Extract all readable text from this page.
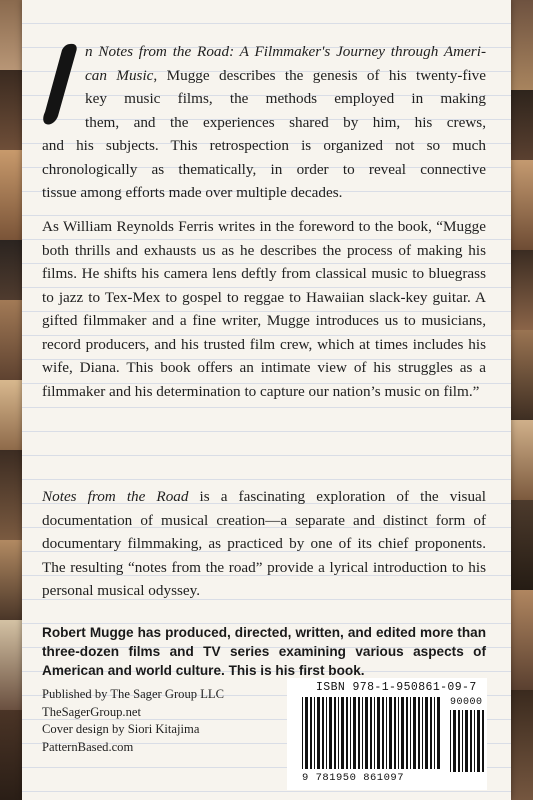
n Notes from the Road: A Filmmaker's Journey through Ameri-
can Music, Mugge describes the genesis of his twenty-five
key music films, the methods employed in making
them, and the experiences shared by him, his crews,
and his subjects. This retrospection is organized not so much
chronologically as thematically, in order to reveal connective
tissue among efforts made over multiple decades.

As William Reynolds Ferris writes in the foreword to the book, “Mugge both thrills and exhausts us as he describes the process of making his films. He shifts his camera lens deftly from classical music to bluegrass to jazz to Tex-Mex to gospel to reggae to Hawaiian slack-key guitar. A gifted filmmaker and a fine writer, Mugge introduces us to musicians, record producers, and his trusted film crew, which at times includes his wife, Diana. This book offers an intimate view of his struggles as a filmmaker and his determination to capture our nation’s music on film.”

Notes from the Road is a fascinating exploration of the visual documentation of musical creation—a separate and distinct form of documentary filmmaking, as practiced by one of its chief proponents. The resulting “notes from the road” provide a lyrical introduction to his personal musical odyssey.

Robert Mugge has produced, directed, written, and edited more than three-dozen films and TV series examining various aspects of American and world culture. This is his first book.

Published by The Sager Group LLC
TheSagerGroup.net
Cover design by Siori Kitajima
PatternBased.com
ISBN 978-1-950861-09-7
90000
9 781950 861097
